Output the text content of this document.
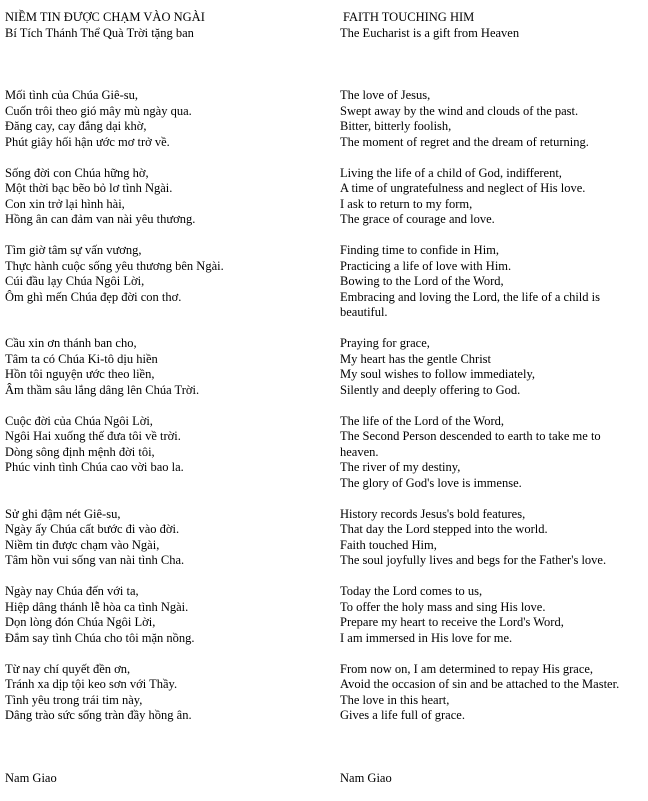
NIỀM TIN ĐƯỢC CHẠM VÀO NGÀI
Bí Tích Thánh Thể Quà Trời tặng ban
Mối tình của Chúa Giê-su,
Cuốn trôi theo gió mây mù ngày qua.
Đăng cay, cay đắng dại khờ,
Phút giây hối hận ước mơ trở về.
Sống đời con Chúa hững hờ,
Một thời bạc bẽo bỏ lơ tình Ngài.
Con xin trở lại hình hài,
Hồng ân can đảm van nài yêu thương.
Tìm giờ tâm sự vấn vương,
Thực hành cuộc sống yêu thương bên Ngài.
Cúi đầu lạy Chúa Ngôi Lời,
Ôm ghì mến Chúa đẹp đời con thơ.

Cầu xin ơn thánh ban cho,
Tâm ta có Chúa Ki-tô dịu hiền
Hồn tôi nguyện ước theo liền,
Âm thầm sâu lắng dâng lên Chúa Trời.
Cuộc đời của Chúa Ngôi Lời,
Ngôi Hai xuống thế đưa tôi về trời.
Dòng sông định mệnh đời tôi,
Phúc vinh tình Chúa cao vời bao la.

Sử ghi đậm nét Giê-su,
Ngày ấy Chúa cất bước đi vào đời.
Niềm tin được chạm vào Ngài,
Tâm hồn vui sống van nài tình Cha.
Ngày nay Chúa đến với ta,
Hiệp dâng thánh lễ hòa ca tình Ngài.
Dọn lòng đón Chúa Ngôi Lời,
Đắm say tình Chúa cho tôi mặn nồng.
Từ nay chí quyết đền ơn,
Tránh xa dịp tội keo sơn với Thầy.
Tình yêu trong trái tim này,
Dâng trào sức sống tràn đầy hồng ân.
FAITH TOUCHING HIM
The Eucharist is a gift from Heaven
The love of Jesus,
Swept away by the wind and clouds of the past.
Bitter, bitterly foolish,
The moment of regret and the dream of returning.
Living the life of a child of God, indifferent,
A time of ungratefulness and neglect of His love.
I ask to return to my form,
The grace of courage and love.
Finding time to confide in Him,
Practicing a life of love with Him.
Bowing to the Lord of the Word,
Embracing and loving the Lord, the life of a child is beautiful.
Praying for grace,
My heart has the gentle Christ
My soul wishes to follow immediately,
Silently and deeply offering to God.
The life of the Lord of the Word,
The Second Person descended to earth to take me to heaven.
The river of my destiny,
The glory of God's love is immense.
History records Jesus's bold features,
That day the Lord stepped into the world.
Faith touched Him,
The soul joyfully lives and begs for the Father's love.
Today the Lord comes to us,
To offer the holy mass and sing His love.
Prepare my heart to receive the Lord's Word,
I am immersed in His love for me.
From now on, I am determined to repay His grace,
Avoid the occasion of sin and be attached to the Master.
The love in this heart,
Gives a life full of grace.
Nam Giao	Nam Giao
